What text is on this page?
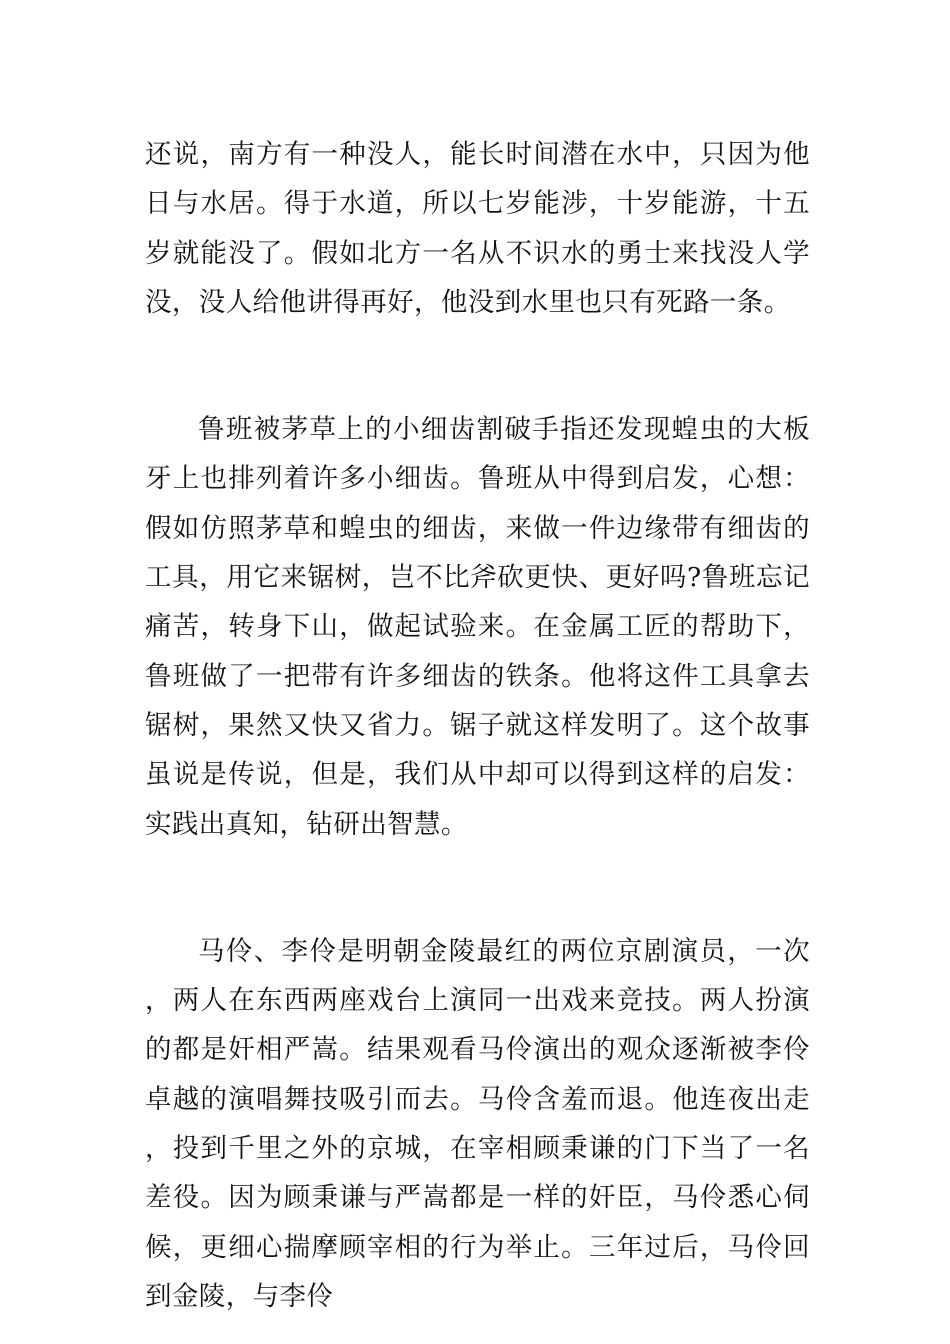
还说，南方有一种没人，能长时间潜在水中，只因为他日与水居。得于水道，所以七岁能涉，十岁能游，十五岁就能没了。假如北方一名从不识水的勇士来找没人学没，没人给他讲得再好，他没到水里也只有死路一条。

鲁班被茅草上的小细齿割破手指还发现蝗虫的大板牙上也排列着许多小细齿。鲁班从中得到启发，心想：假如仿照茅草和蝗虫的细齿，来做一件边缘带有细齿的工具，用它来锯树，岂不比斧砍更快、更好吗?鲁班忘记痛苦，转身下山，做起试验来。在金属工匠的帮助下，鲁班做了一把带有许多细齿的铁条。他将这件工具拿去锯树，果然又快又省力。锯子就这样发明了。这个故事虽说是传说，但是，我们从中却可以得到这样的启发：实践出真知，钻研出智慧。

马伶、李伶是明朝金陵最红的两位京剧演员，一次，两人在东西两座戏台上演同一出戏来竞技。两人扮演的都是奸相严嵩。结果观看马伶演出的观众逐渐被李伶卓越的演唱舞技吸引而去。马伶含羞而退。他连夜出走，投到千里之外的京城，在宰相顾秉谦的门下当了一名差役。因为顾秉谦与严嵩都是一样的奸臣，马伶悉心伺候，更细心揣摩顾宰相的行为举止。三年过后，马伶回到金陵，与李伶
